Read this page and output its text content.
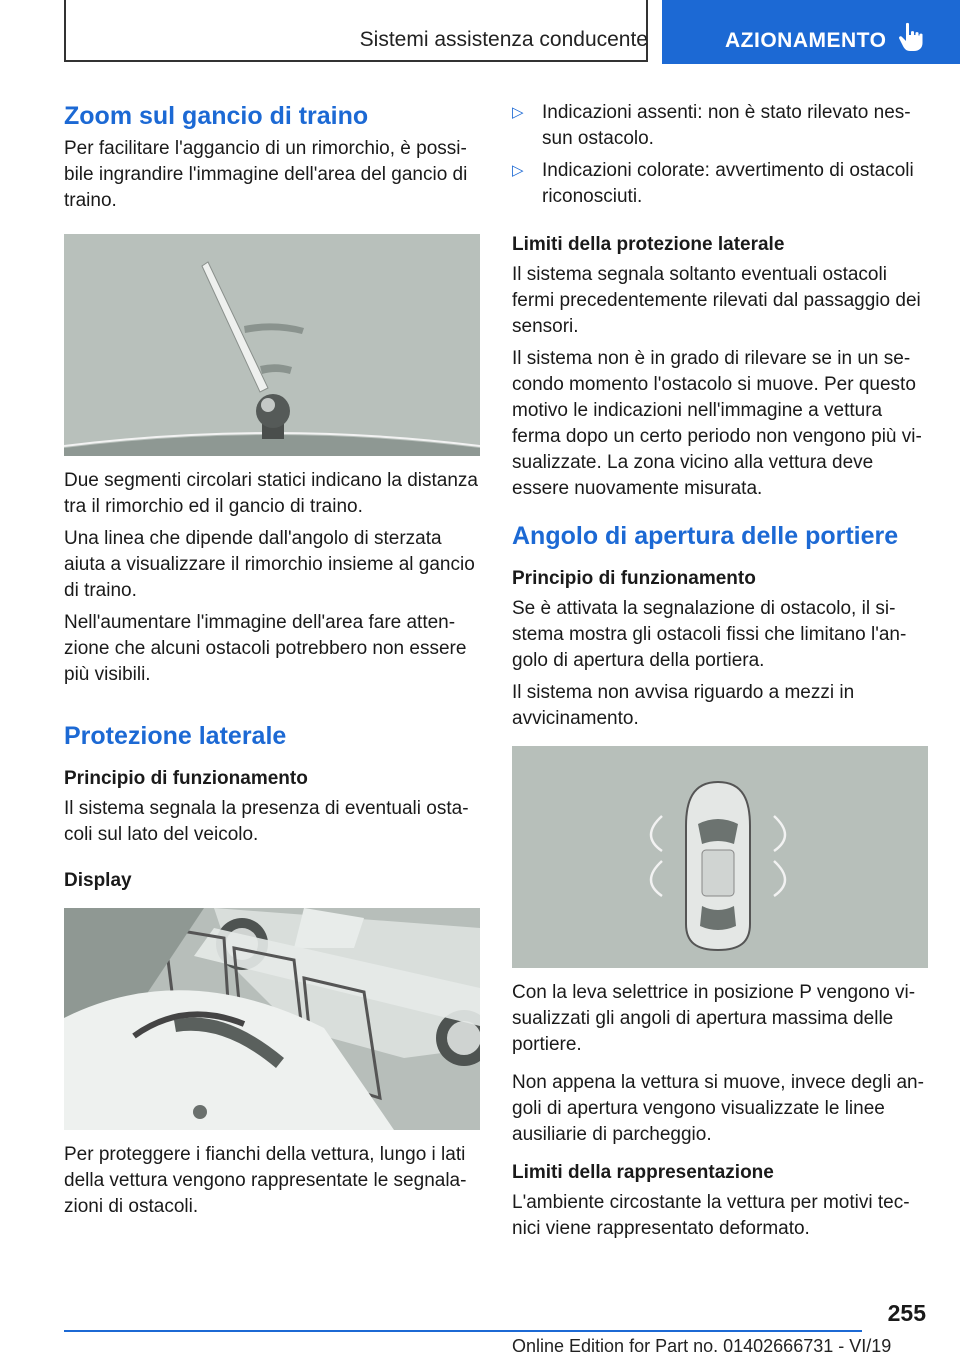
Sistemi assistenza conducente	AZIONAMENTO
Zoom sul gancio di traino

Per facilitare l'aggancio di un rimorchio, è possibile ingrandire l'immagine dell'area del gancio di traino.

Due segmenti circolari statici indicano la distanza tra il rimorchio ed il gancio di traino.

Una linea che dipende dall'angolo di sterzata aiuta a visualizzare il rimorchio insieme al gancio di traino.

Nell'aumentare l'immagine dell'area fare attenzione che alcuni ostacoli potrebbero non essere più visibili.

Protezione laterale
Principio di funzionamento

Il sistema segnala la presenza di eventuali ostacoli sul lato del veicolo.

Display

Per proteggere i fianchi della vettura, lungo i lati della vettura vengono rappresentate le segnalazioni di ostacoli.

▷ Indicazioni assenti: non è stato rilevato nessun ostacolo.
▷ Indicazioni colorate: avvertimento di ostacoli riconosciuti.
Limiti della protezione laterale

Il sistema segnala soltanto eventuali ostacoli fermi precedentemente rilevati dal passaggio dei sensori.

Il sistema non è in grado di rilevare se in un secondo momento l'ostacolo si muove. Per questo motivo le indicazioni nell'immagine a vettura ferma dopo un certo periodo non vengono più visualizzate. La zona vicino alla vettura deve essere nuovamente misurata.

Angolo di apertura delle portiere
Principio di funzionamento

Se è attivata la segnalazione di ostacolo, il sistema mostra gli ostacoli fissi che limitano l'angolo di apertura della portiera.

Il sistema non avvisa riguardo a mezzi in avvicinamento.

Con la leva selettrice in posizione P vengono visualizzati gli angoli di apertura massima delle portiere.

Non appena la vettura si muove, invece degli angoli di apertura vengono visualizzate le linee ausiliarie di parcheggio.

Limiti della rappresentazione

L'ambiente circostante la vettura per motivi tecnici viene rappresentato deformato.

255
Online Edition for Part no. 01402666731 - VI/19
